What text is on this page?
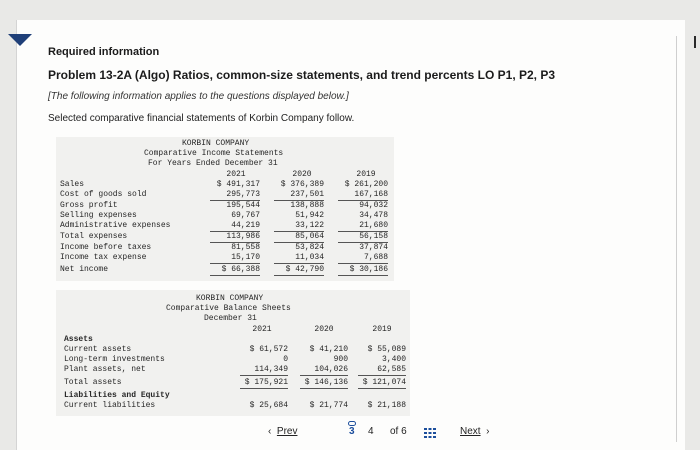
Required information
Problem 13-2A (Algo) Ratios, common-size statements, and trend percents LO P1, P2, P3
[The following information applies to the questions displayed below.]
Selected comparative financial statements of Korbin Company follow.
KORBIN COMPANY
Comparative Income Statements
For Years Ended December 31
2021	2020	2019
Sales	$ 491,317	$ 376,389	$ 261,200
Cost of goods sold	295,773	237,501	167,168
Gross profit	195,544	138,888	94,032
Selling expenses	69,767	51,942	34,478
Administrative expenses	44,219	33,122	21,680
Total expenses	113,986	85,064	56,158
Income before taxes	81,558	53,824	37,874
Income tax expense	15,170	11,034	7,688
Net income	$ 66,388	$ 42,790	$ 30,186
KORBIN COMPANY
Comparative Balance Sheets
December 31
2021	2020	2019
Assets
Current assets	$ 61,572	$ 41,210	$ 55,089
Long-term investments	0	900	3,400
Plant assets, net	114,349	104,026	62,585
Total assets	$ 175,921	$ 146,136	$ 121,074
Liabilities and Equity
Current liabilities	$ 25,684	$ 21,774	$ 21,188
‹ Prev	3 4 of 6	Next ›
